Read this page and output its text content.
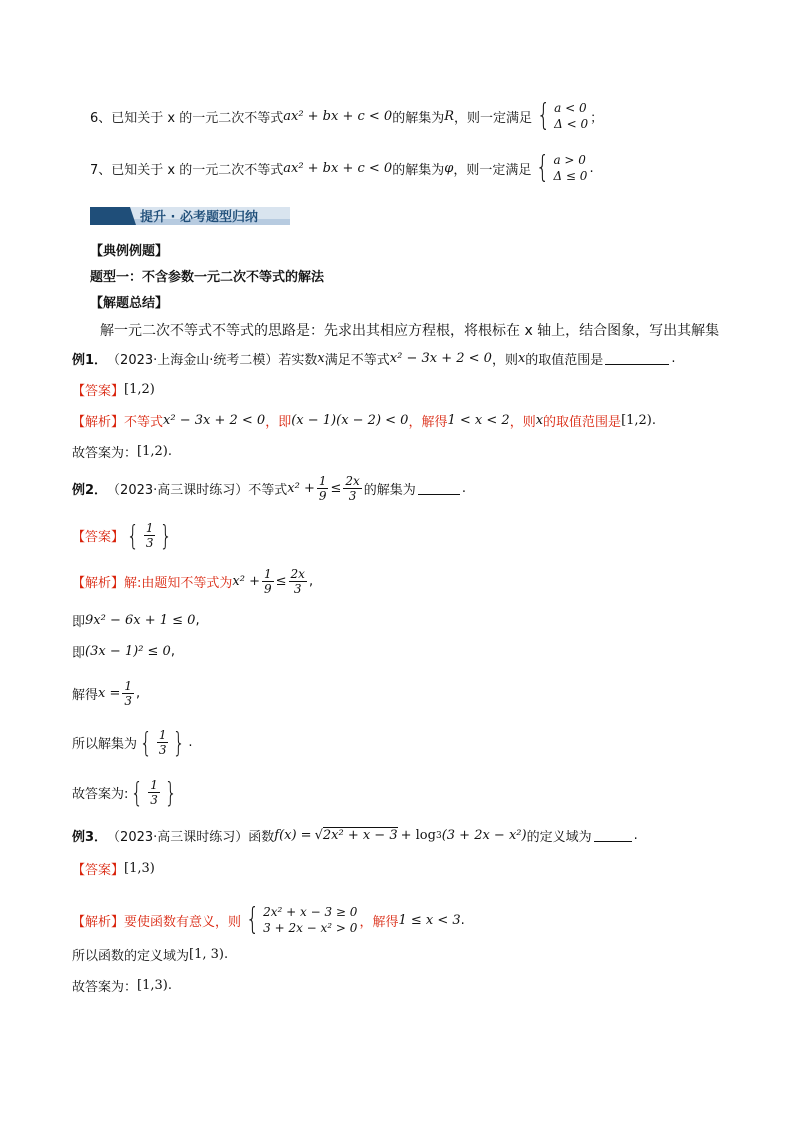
6、已知关于 x 的一元二次不等式 ax² + bx + c < 0 的解集为 R ，则一定满足 { a < 0
Δ < 0 ；
7、已知关于 x 的一元二次不等式 ax² + bx + c < 0 的解集为 φ ，则一定满足 { a > 0
Δ ≤ 0
.
提升 · 必考题型归纳
【典例例题】
题型一：不含参数一元二次不等式的解法
【解题总结】
解一元二次不等式不等式的思路是：先求出其相应方程根，将根标在 x 轴上，结合图象，写出其解集
例1． （2023·上海金山·统考二模）若实数 x 满足不等式 x² − 3x + 2 < 0 ，则 x 的取值范围是	.
【答案】 [1,2)
【解析】 不等式 x² − 3x + 2 < 0 ，即 (x − 1)(x − 2) < 0 ，解得 1 < x < 2 ，则 x 的取值范围是 [1,2) .
故答案为： [1,2) .
例2． （2023·高三课时练习）不等式 $x^2 + \frac{1}{9} \le \frac{2x}{3}$ 的解集为	.
【答案】 { $\frac{1}{3}$ }
【解析】 解:由题知不等式为 $x^2 + \frac{1}{9} \le \frac{2x}{3}$ ,
即 9x² − 6x + 1 ≤ 0 ,
即 (3x − 1)² ≤ 0 ,
解得 $x = \frac{1}{3}$ ,
所以解集为 { $\frac{1}{3}$ } .
故答案为: { $\frac{1}{3}$ }
例3． （2023·高三课时练习）函数 f(x) = √2x² + x − 3 + log 3 (3 + 2x − x²) 的定义域为	.
【答案】 [1,3)
【解析】 要使函数有意义，则 { 2x² + x − 3 ≥ 0
3 + 2x − x² > 0 ，解得 1 ≤ x < 3 .
所以函数的定义域为 [1, 3) .
故答案为： [1,3) .
